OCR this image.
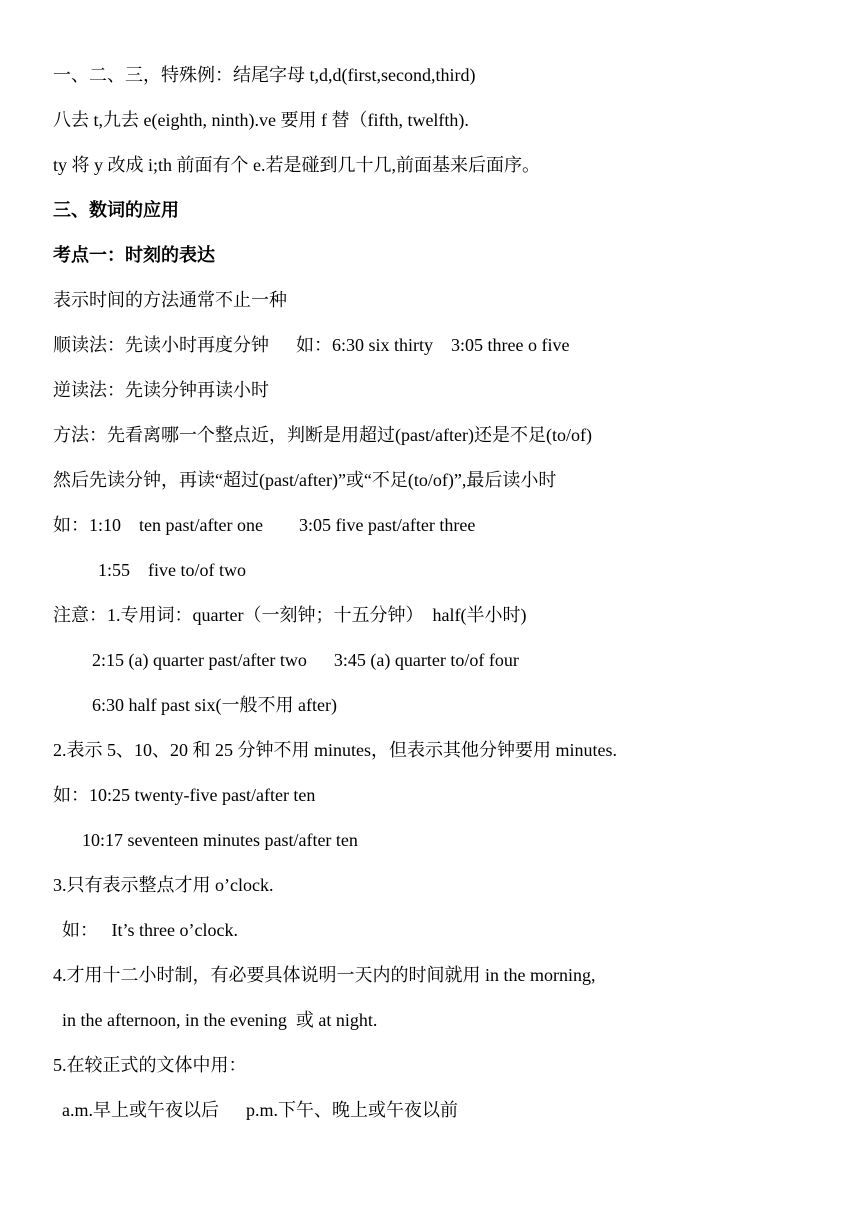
一、二、三，特殊例：结尾字母 t,d,d(first,second,third)
八去 t,九去 e(eighth, ninth).ve 要用 f 替（fifth, twelfth).
ty 将 y 改成 i;th 前面有个 e.若是碰到几十几,前面基来后面序。
三、数词的应用
考点一：时刻的表达
表示时间的方法通常不止一种
顺读法：先读小时再度分钟      如：6:30 six thirty    3:05 three o five
逆读法：先读分钟再读小时
方法：先看离哪一个整点近，判断是用超过(past/after)还是不足(to/of)
然后先读分钟，再读“超过(past/after)”或“不足(to/of)”,最后读小时
如：1:10    ten past/after one        3:05 five past/after three
1:55    five to/of two
注意：1.专用词：quarter（一刻钟；十五分钟）  half(半小时)
2:15 (a) quarter past/after two      3:45 (a) quarter to/of four
6:30 half past six(一般不用 after)
2.表示 5、10、20 和 25 分钟不用 minutes，但表示其他分钟要用 minutes.
如：10:25 twenty-five past/after ten
10:17 seventeen minutes past/after ten
3.只有表示整点才用 o’clock.
如：   It’s three o’clock.
4.才用十二小时制，有必要具体说明一天内的时间就用 in the morning,
in the afternoon, in the evening  或 at night.
5.在较正式的文体中用：
a.m.早上或午夜以后      p.m.下午、晚上或午夜以前
